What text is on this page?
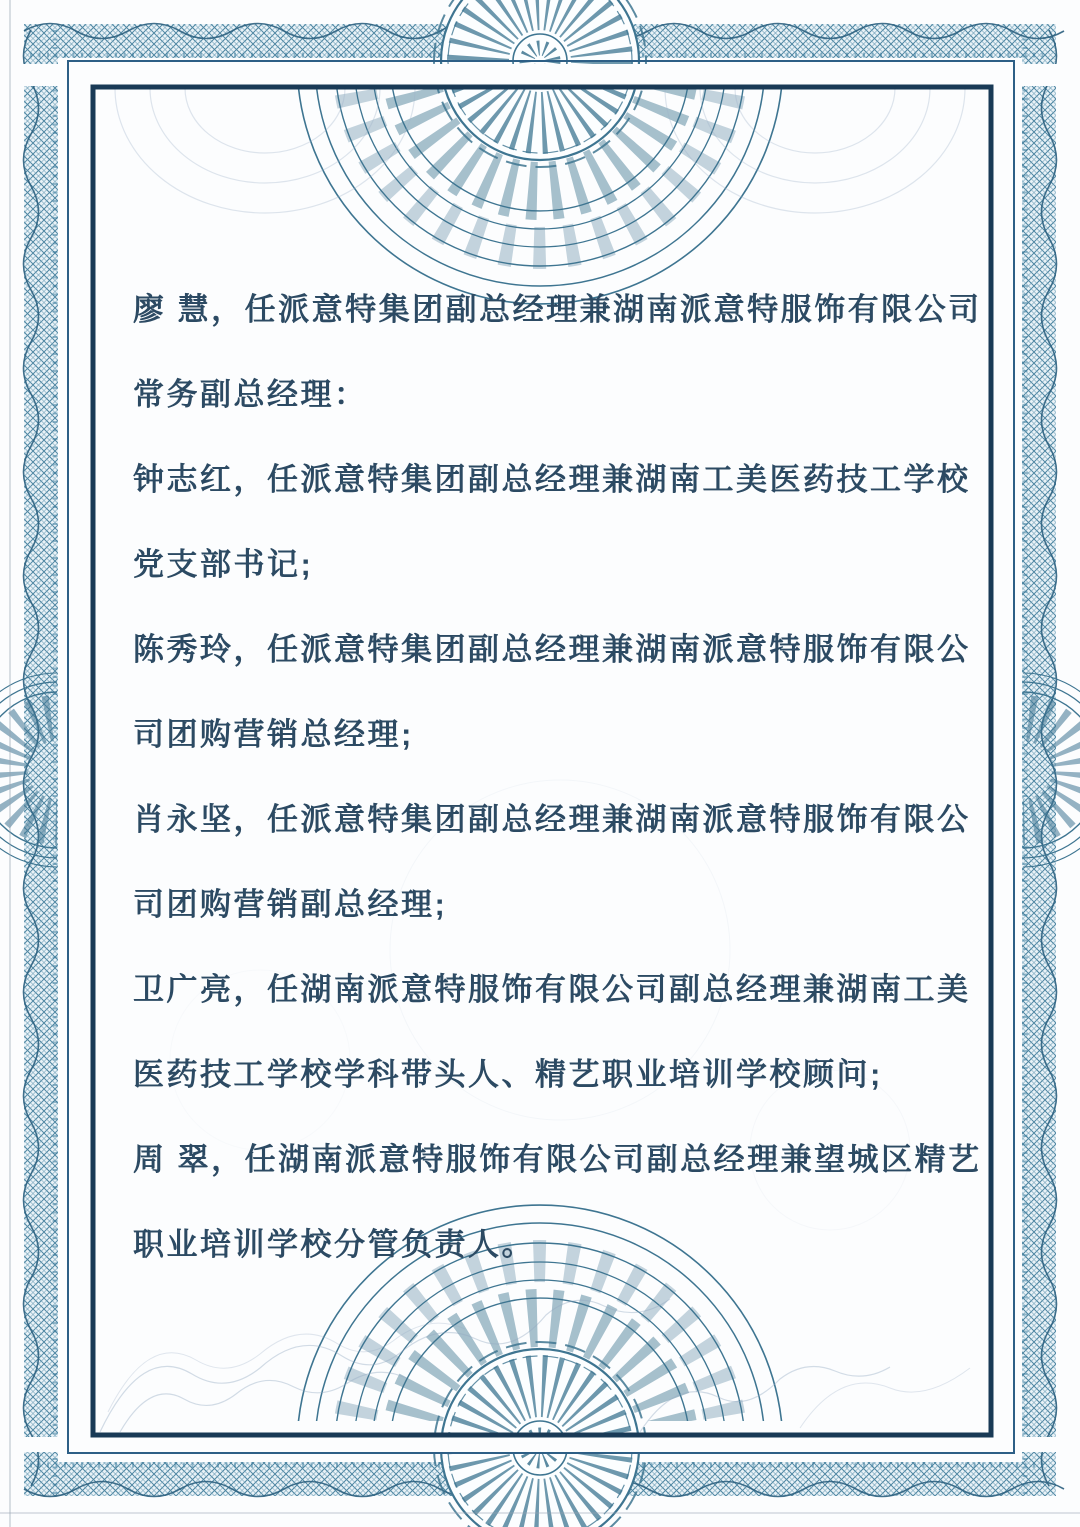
廖 慧， 任派意特集团副总经理兼湖南派意特服饰有限公司
常务副总经理：
钟志红， 任派意特集团副总经理兼湖南工美医药技工学校
党支部书记;
陈秀玲， 任派意特集团副总经理兼湖南派意特服饰有限公
司团购营销总经理;
肖永坚， 任派意特集团副总经理兼湖南派意特服饰有限公
司团购营销副总经理;
卫广亮， 任湖南派意特服饰有限公司副总经理兼湖南工美
医药技工学校学科带头人、精艺职业培训学校顾问;
周 翠， 任湖南派意特服饰有限公司副总经理兼望城区精艺
职业培训学校分管负责人。
